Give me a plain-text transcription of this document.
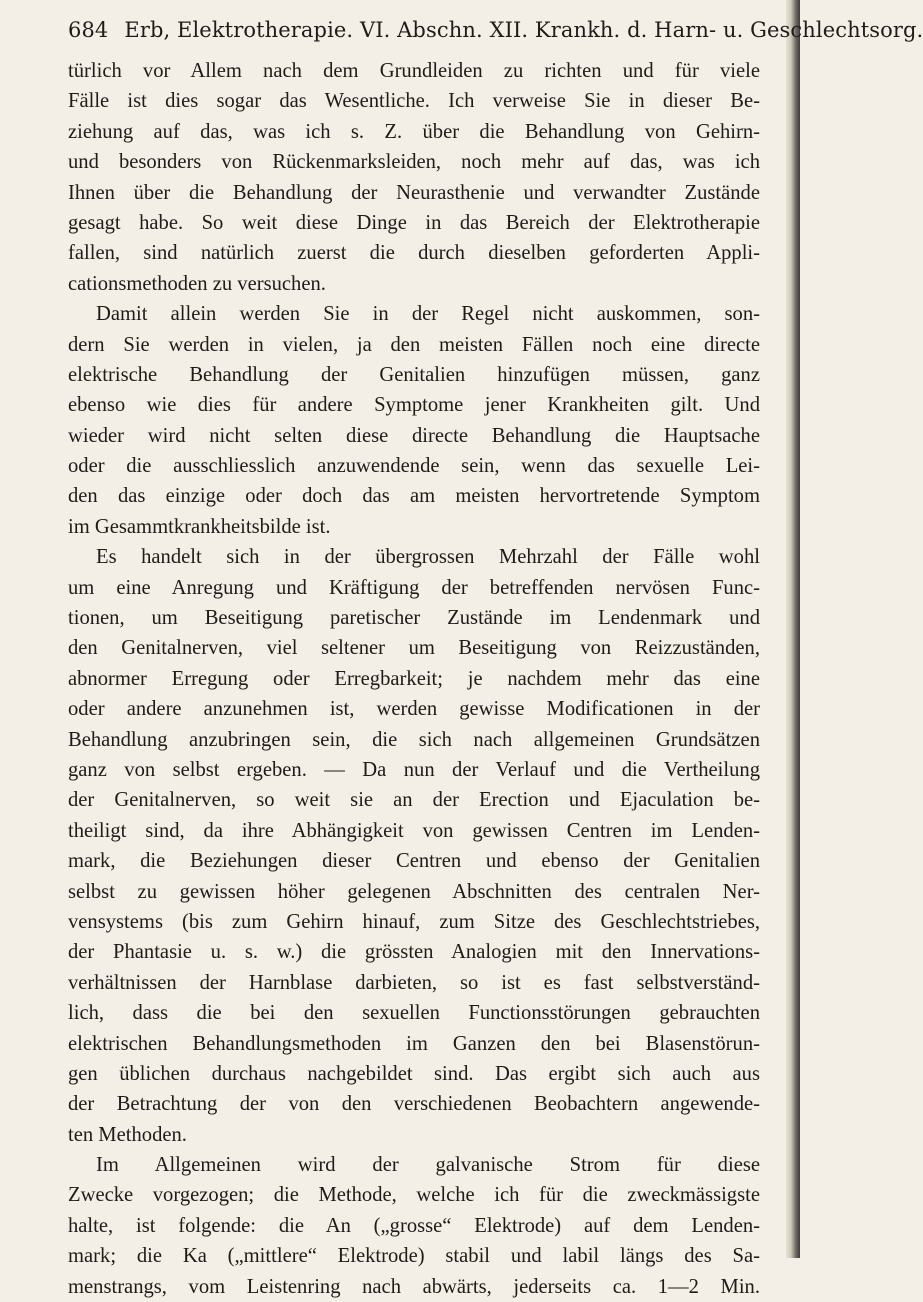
684 Erb, Elektrotherapie. VI. Abschn. XII. Krankh. d. Harn- u. Geschlechtsorg.
türlich vor Allem nach dem Grundleiden zu richten und für viele
Fälle ist dies sogar das Wesentliche. Ich verweise Sie in dieser Be-
ziehung auf das, was ich s. Z. über die Behandlung von Gehirn-
und besonders von Rückenmarksleiden, noch mehr auf das, was ich
Ihnen über die Behandlung der Neurasthenie und verwandter Zustände
gesagt habe. So weit diese Dinge in das Bereich der Elektrotherapie
fallen, sind natürlich zuerst die durch dieselben geforderten Appli-
cationsmethoden zu versuchen.
Damit allein werden Sie in der Regel nicht auskommen, son-
dern Sie werden in vielen, ja den meisten Fällen noch eine directe
elektrische Behandlung der Genitalien hinzufügen müssen, ganz
ebenso wie dies für andere Symptome jener Krankheiten gilt. Und
wieder wird nicht selten diese directe Behandlung die Hauptsache
oder die ausschliesslich anzuwendende sein, wenn das sexuelle Lei-
den das einzige oder doch das am meisten hervortretende Symptom
im Gesammtkrankheitsbilde ist.
Es handelt sich in der übergrossen Mehrzahl der Fälle wohl
um eine Anregung und Kräftigung der betreffenden nervösen Func-
tionen, um Beseitigung paretischer Zustände im Lendenmark und
den Genitalnerven, viel seltener um Beseitigung von Reizzuständen,
abnormer Erregung oder Erregbarkeit; je nachdem mehr das eine
oder andere anzunehmen ist, werden gewisse Modificationen in der
Behandlung anzubringen sein, die sich nach allgemeinen Grundsätzen
ganz von selbst ergeben. — Da nun der Verlauf und die Vertheilung
der Genitalnerven, so weit sie an der Erection und Ejaculation be-
theiligt sind, da ihre Abhängigkeit von gewissen Centren im Lenden-
mark, die Beziehungen dieser Centren und ebenso der Genitalien
selbst zu gewissen höher gelegenen Abschnitten des centralen Ner-
vensystems (bis zum Gehirn hinauf, zum Sitze des Geschlechtstriebes,
der Phantasie u. s. w.) die grössten Analogien mit den Innervations-
verhältnissen der Harnblase darbieten, so ist es fast selbstverständ-
lich, dass die bei den sexuellen Functionsstörungen gebrauchten
elektrischen Behandlungsmethoden im Ganzen den bei Blasenstörun-
gen üblichen durchaus nachgebildet sind. Das ergibt sich auch aus
der Betrachtung der von den verschiedenen Beobachtern angewende-
ten Methoden.
Im Allgemeinen wird der galvanische Strom für diese
Zwecke vorgezogen; die Methode, welche ich für die zweckmässigste
halte, ist folgende: die An („grosse“ Elektrode) auf dem Lenden-
mark; die Ka („mittlere“ Elektrode) stabil und labil längs des Sa-
menstrangs, vom Leistenring nach abwärts, jederseits ca. 1—2 Min.
